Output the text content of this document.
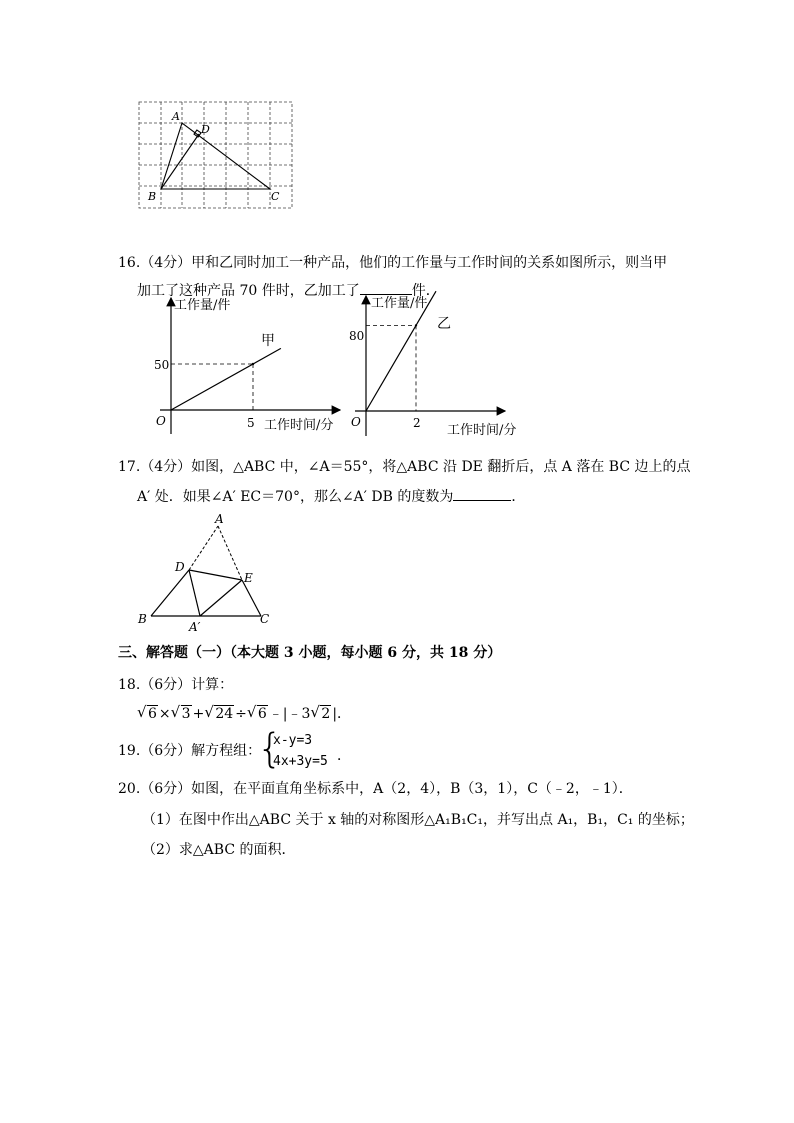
A
D
B	C
16.（4分）甲和乙同时加工一种产品，他们的工作量与工作时间的关系如图所示，则当甲
加工了这种产品 70 件时，乙加工了	件．
工作量/件
工作时间/分
O
50
5
甲
工作量/件
工作时间/分
O
80
2
乙
17.（4分）如图，△ABC 中，∠A＝55°，将△ABC 沿 DE 翻折后，点 A 落在 BC 边上的点
A′ 处．如果∠A′ EC＝70°，那么∠A′ DB 的度数为	．
A
D
E
B	C
A′
三、解答题（一）（本大题 3 小题，每小题 6 分，共 18 分）
18.（6分）计算：
√ 6 × √ 3 + √ 24 ÷ √ 6 ﹣|﹣3 √ 2 |．
19.（6分）解方程组：
{
x-y=3
4x+3y=5 ．
20.（6分）如图，在平面直角坐标系中，A（2，4），B（3，1），C（﹣2，﹣1）．
（1）在图中作出△ABC 关于 x 轴的对称图形△A₁B₁C₁，并写出点 A₁，B₁，C₁ 的坐标；
（2）求△ABC 的面积．
